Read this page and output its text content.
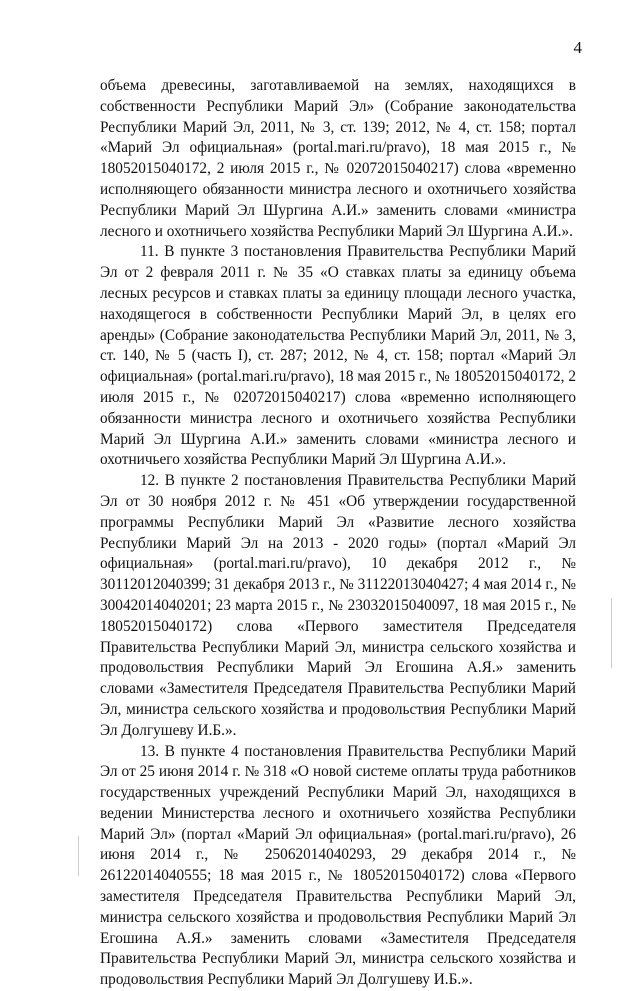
4

объема древесины, заготавливаемой на землях, находящихся в собственности Республики Марий Эл» (Собрание законодательства Республики Марий Эл, 2011, № 3, ст. 139; 2012, № 4, ст. 158; портал «Марий Эл официальная» (portal.mari.ru/pravo), 18 мая 2015 г., № 18052015040172, 2 июля 2015 г., № 02072015040217) слова «временно исполняющего обязанности министра лесного и охотничьего хозяйства Республики Марий Эл Шургина А.И.» заменить словами «министра лесного и охотничьего хозяйства Республики Марий Эл Шургина А.И.».

11. В пункте 3 постановления Правительства Республики Марий Эл от 2 февраля 2011 г. № 35 «О ставках платы за единицу объема лесных ресурсов и ставках платы за единицу площади лесного участка, находящегося в собственности Республики Марий Эл, в целях его аренды» (Собрание законодательства Республики Марий Эл, 2011, № 3, ст. 140, № 5 (часть I), ст. 287; 2012, № 4, ст. 158; портал «Марий Эл официальная» (portal.mari.ru/pravo), 18 мая 2015 г., № 18052015040172, 2 июля 2015 г., № 02072015040217) слова «временно исполняющего обязанности министра лесного и охотничьего хозяйства Республики Марий Эл Шургина А.И.» заменить словами «министра лесного и охотничьего хозяйства Республики Марий Эл Шургина А.И.».

12. В пункте 2 постановления Правительства Республики Марий Эл от 30 ноября 2012 г. № 451 «Об утверждении государственной программы Республики Марий Эл «Развитие лесного хозяйства Республики Марий Эл на 2013 - 2020 годы» (портал «Марий Эл официальная» (portal.mari.ru/pravo), 10 декабря 2012 г., № 30112012040399; 31 декабря 2013 г., № 31122013040427; 4 мая 2014 г., № 30042014040201; 23 марта 2015 г., № 23032015040097, 18 мая 2015 г., № 18052015040172) слова «Первого заместителя Председателя Правительства Республики Марий Эл, министра сельского хозяйства и продовольствия Республики Марий Эл Егошина А.Я.» заменить словами «Заместителя Председателя Правительства Республики Марий Эл, министра сельского хозяйства и продовольствия Республики Марий Эл Долгушеву И.Б.».

13. В пункте 4 постановления Правительства Республики Марий Эл от 25 июня 2014 г. № 318 «О новой системе оплаты труда работников государственных учреждений Республики Марий Эл, находящихся в ведении Министерства лесного и охотничьего хозяйства Республики Марий Эл» (портал «Марий Эл официальная» (portal.mari.ru/pravo), 26 июня 2014 г., № 25062014040293, 29 декабря 2014 г., № 26122014040555; 18 мая 2015 г., № 18052015040172) слова «Первого заместителя Председателя Правительства Республики Марий Эл, министра сельского хозяйства и продовольствия Республики Марий Эл Егошина А.Я.» заменить словами «Заместителя Председателя Правительства Республики Марий Эл, министра сельского хозяйства и продовольствия Республики Марий Эл Долгушеву И.Б.».
